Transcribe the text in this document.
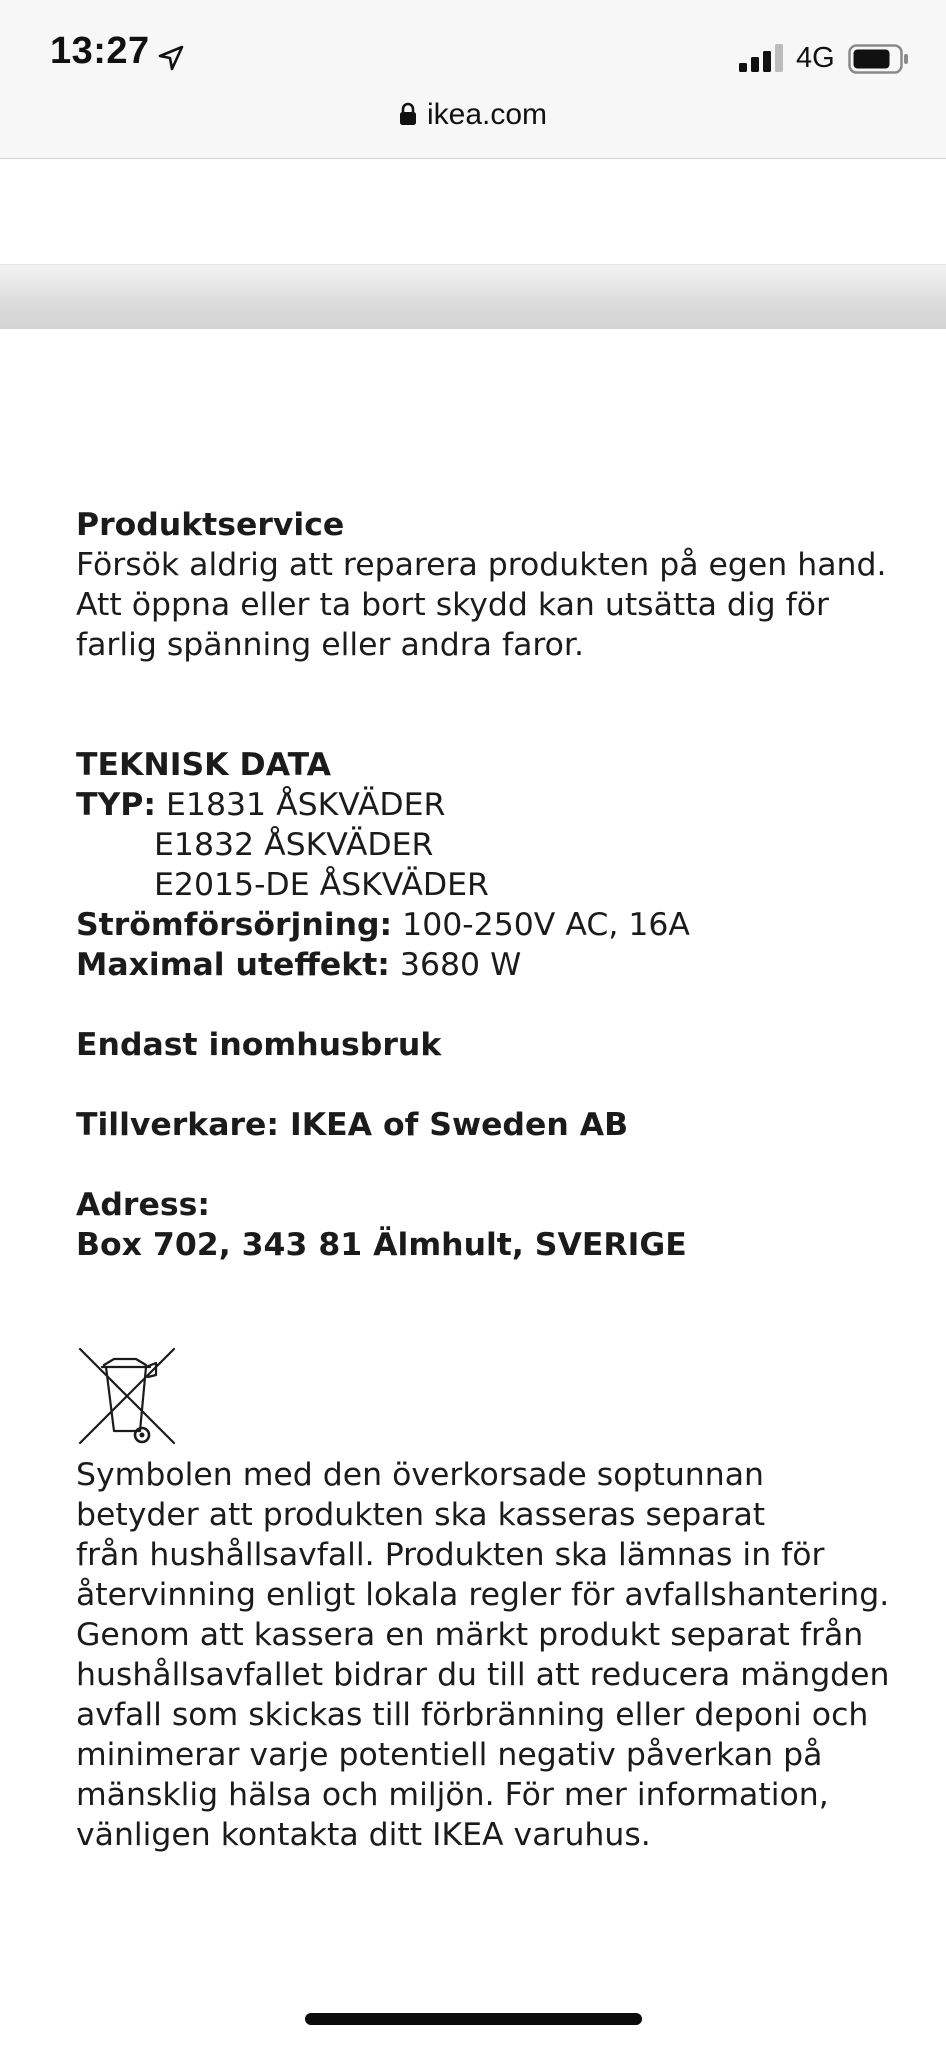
13:27	4G
ikea.com

Produktservice

Försök aldrig att reparera produkten på egen hand.

Att öppna eller ta bort skydd kan utsätta dig för

farlig spänning eller andra faror.

TEKNISK DATA

TYP: E1831 ÅSKVÄDER

E1832 ÅSKVÄDER

E2015-DE ÅSKVÄDER

Strömförsörjning: 100-250V AC, 16A

Maximal uteffekt: 3680 W

Endast inomhusbruk

Tillverkare: IKEA of Sweden AB

Adress:

Box 702, 343 81 Älmhult, SVERIGE

Symbolen med den överkorsade soptunnan

betyder att produkten ska kasseras separat

från hushållsavfall. Produkten ska lämnas in för

återvinning enligt lokala regler för avfallshantering.

Genom att kassera en märkt produkt separat från

hushållsavfallet bidrar du till att reducera mängden

avfall som skickas till förbränning eller deponi och

minimerar varje potentiell negativ påverkan på

mänsklig hälsa och miljön. För mer information,

vänligen kontakta ditt IKEA varuhus.
